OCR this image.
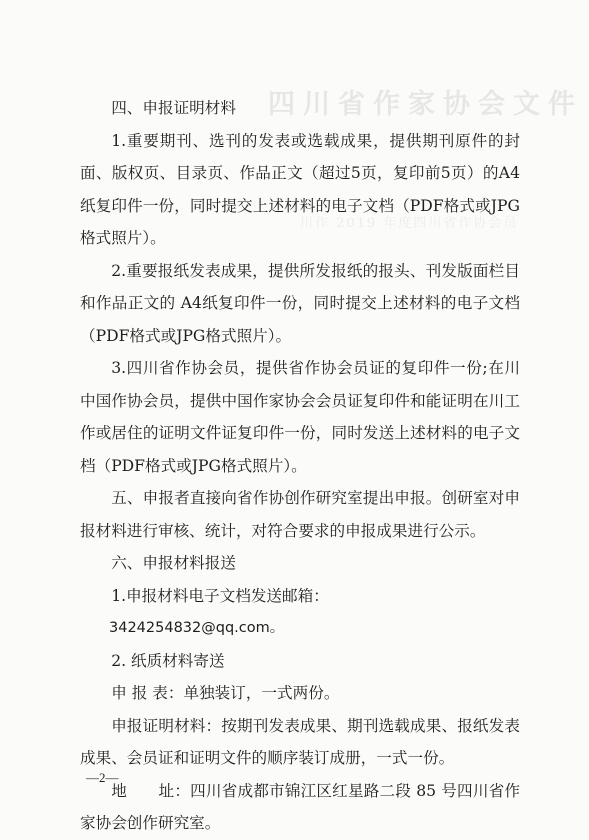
四川省作家协会文件
川作 2019 年度四川省作协会员

四、申报证明材料

1.重要期刊、选刊的发表或选载成果，提供期刊原件的封面、版权页、目录页、作品正文（超过5页，复印前5页）的A4纸复印件一份，同时提交上述材料的电子文档（PDF格式或JPG格式照片）。

2.重要报纸发表成果，提供所发报纸的报头、刊发版面栏目和作品正文的 A4纸复印件一份，同时提交上述材料的电子文档（PDF格式或JPG格式照片）。

3.四川省作协会员，提供省作协会员证的复印件一份;在川中国作协会员，提供中国作家协会会员证复印件和能证明在川工作或居住的证明文件证复印件一份，同时发送上述材料的电子文档（PDF格式或JPG格式照片）。

五、申报者直接向省作协创作研究室提出申报。创研室对申报材料进行审核、统计，对符合要求的申报成果进行公示。

六、申报材料报送

1.申报材料电子文档发送邮箱：

3424254832@qq.com。

2. 纸质材料寄送

申 报 表：单独装订，一式两份。

申报证明材料：按期刊发表成果、期刊选载成果、报纸发表成果、会员证和证明文件的顺序装订成册，一式一份。

地　　址：四川省成都市锦江区红星路二段 85 号四川省作家协会创作研究室。

—2—
